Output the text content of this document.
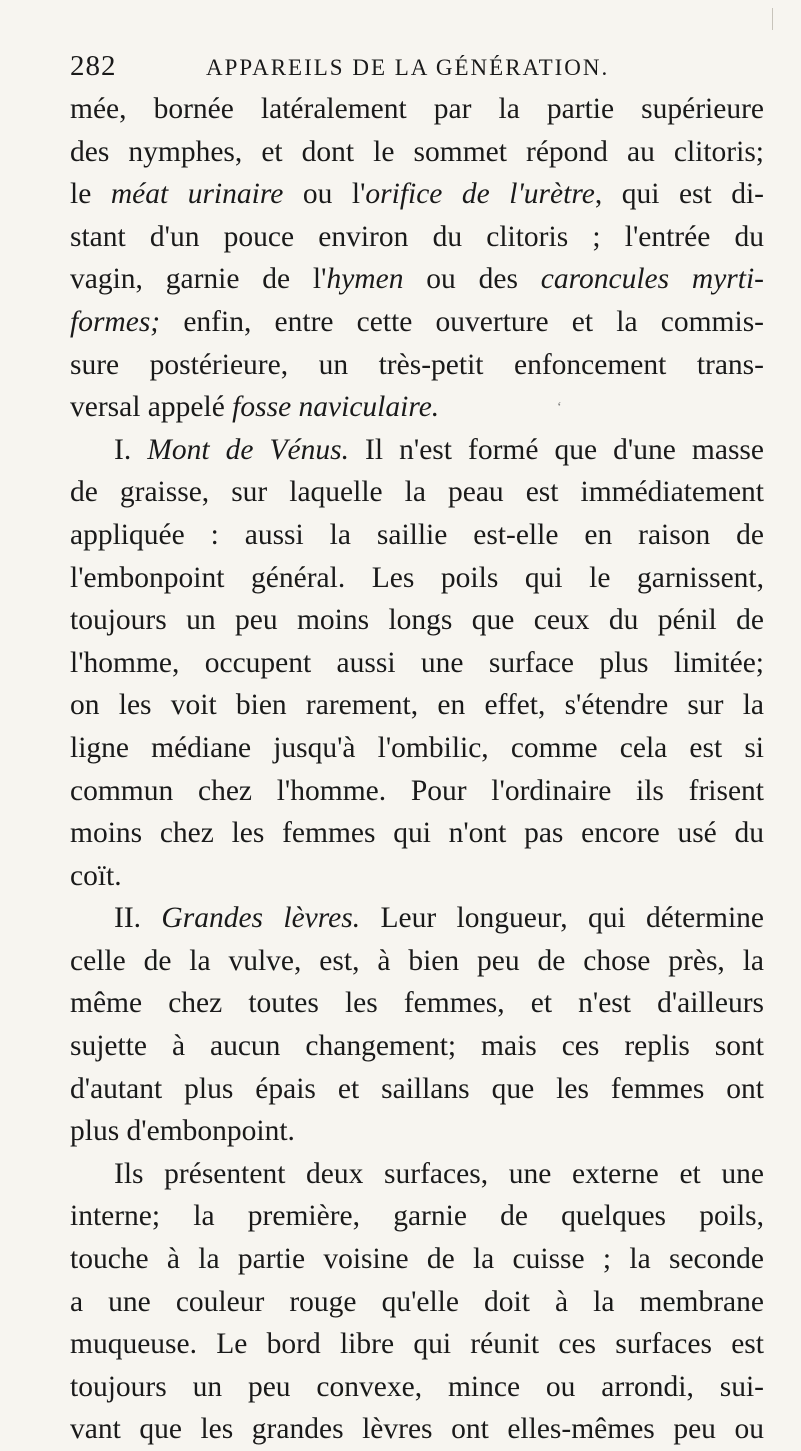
282	APPAREILS DE LA GÉNÉRATION.
mée, bornée latéralement par la partie supérieure
des nymphes, et dont le sommet répond au clitoris;
le méat urinaire ou l'orifice de l'urètre, qui est di-
stant d'un pouce environ du clitoris ; l'entrée du
vagin, garnie de l'hymen ou des caroncules myrti-
formes; enfin, entre cette ouverture et la commis-
sure postérieure, un très-petit enfoncement trans-
versal appelé fosse naviculaire.
I. Mont de Vénus. Il n'est formé que d'une masse
de graisse, sur laquelle la peau est immédiatement
appliquée : aussi la saillie est-elle en raison de
l'embonpoint général. Les poils qui le garnissent,
toujours un peu moins longs que ceux du pénil de
l'homme, occupent aussi une surface plus limitée;
on les voit bien rarement, en effet, s'étendre sur la
ligne médiane jusqu'à l'ombilic, comme cela est si
commun chez l'homme. Pour l'ordinaire ils frisent
moins chez les femmes qui n'ont pas encore usé du
coït.
II. Grandes lèvres. Leur longueur, qui détermine
celle de la vulve, est, à bien peu de chose près, la
même chez toutes les femmes, et n'est d'ailleurs
sujette à aucun changement; mais ces replis sont
d'autant plus épais et saillans que les femmes ont
plus d'embonpoint.
Ils présentent deux surfaces, une externe et une
interne; la première, garnie de quelques poils,
touche à la partie voisine de la cuisse ; la seconde
a une couleur rouge qu'elle doit à la membrane
muqueuse. Le bord libre qui réunit ces surfaces est
toujours un peu convexe, mince ou arrondi, sui-
vant que les grandes lèvres ont elles-mêmes peu ou
ʻ
